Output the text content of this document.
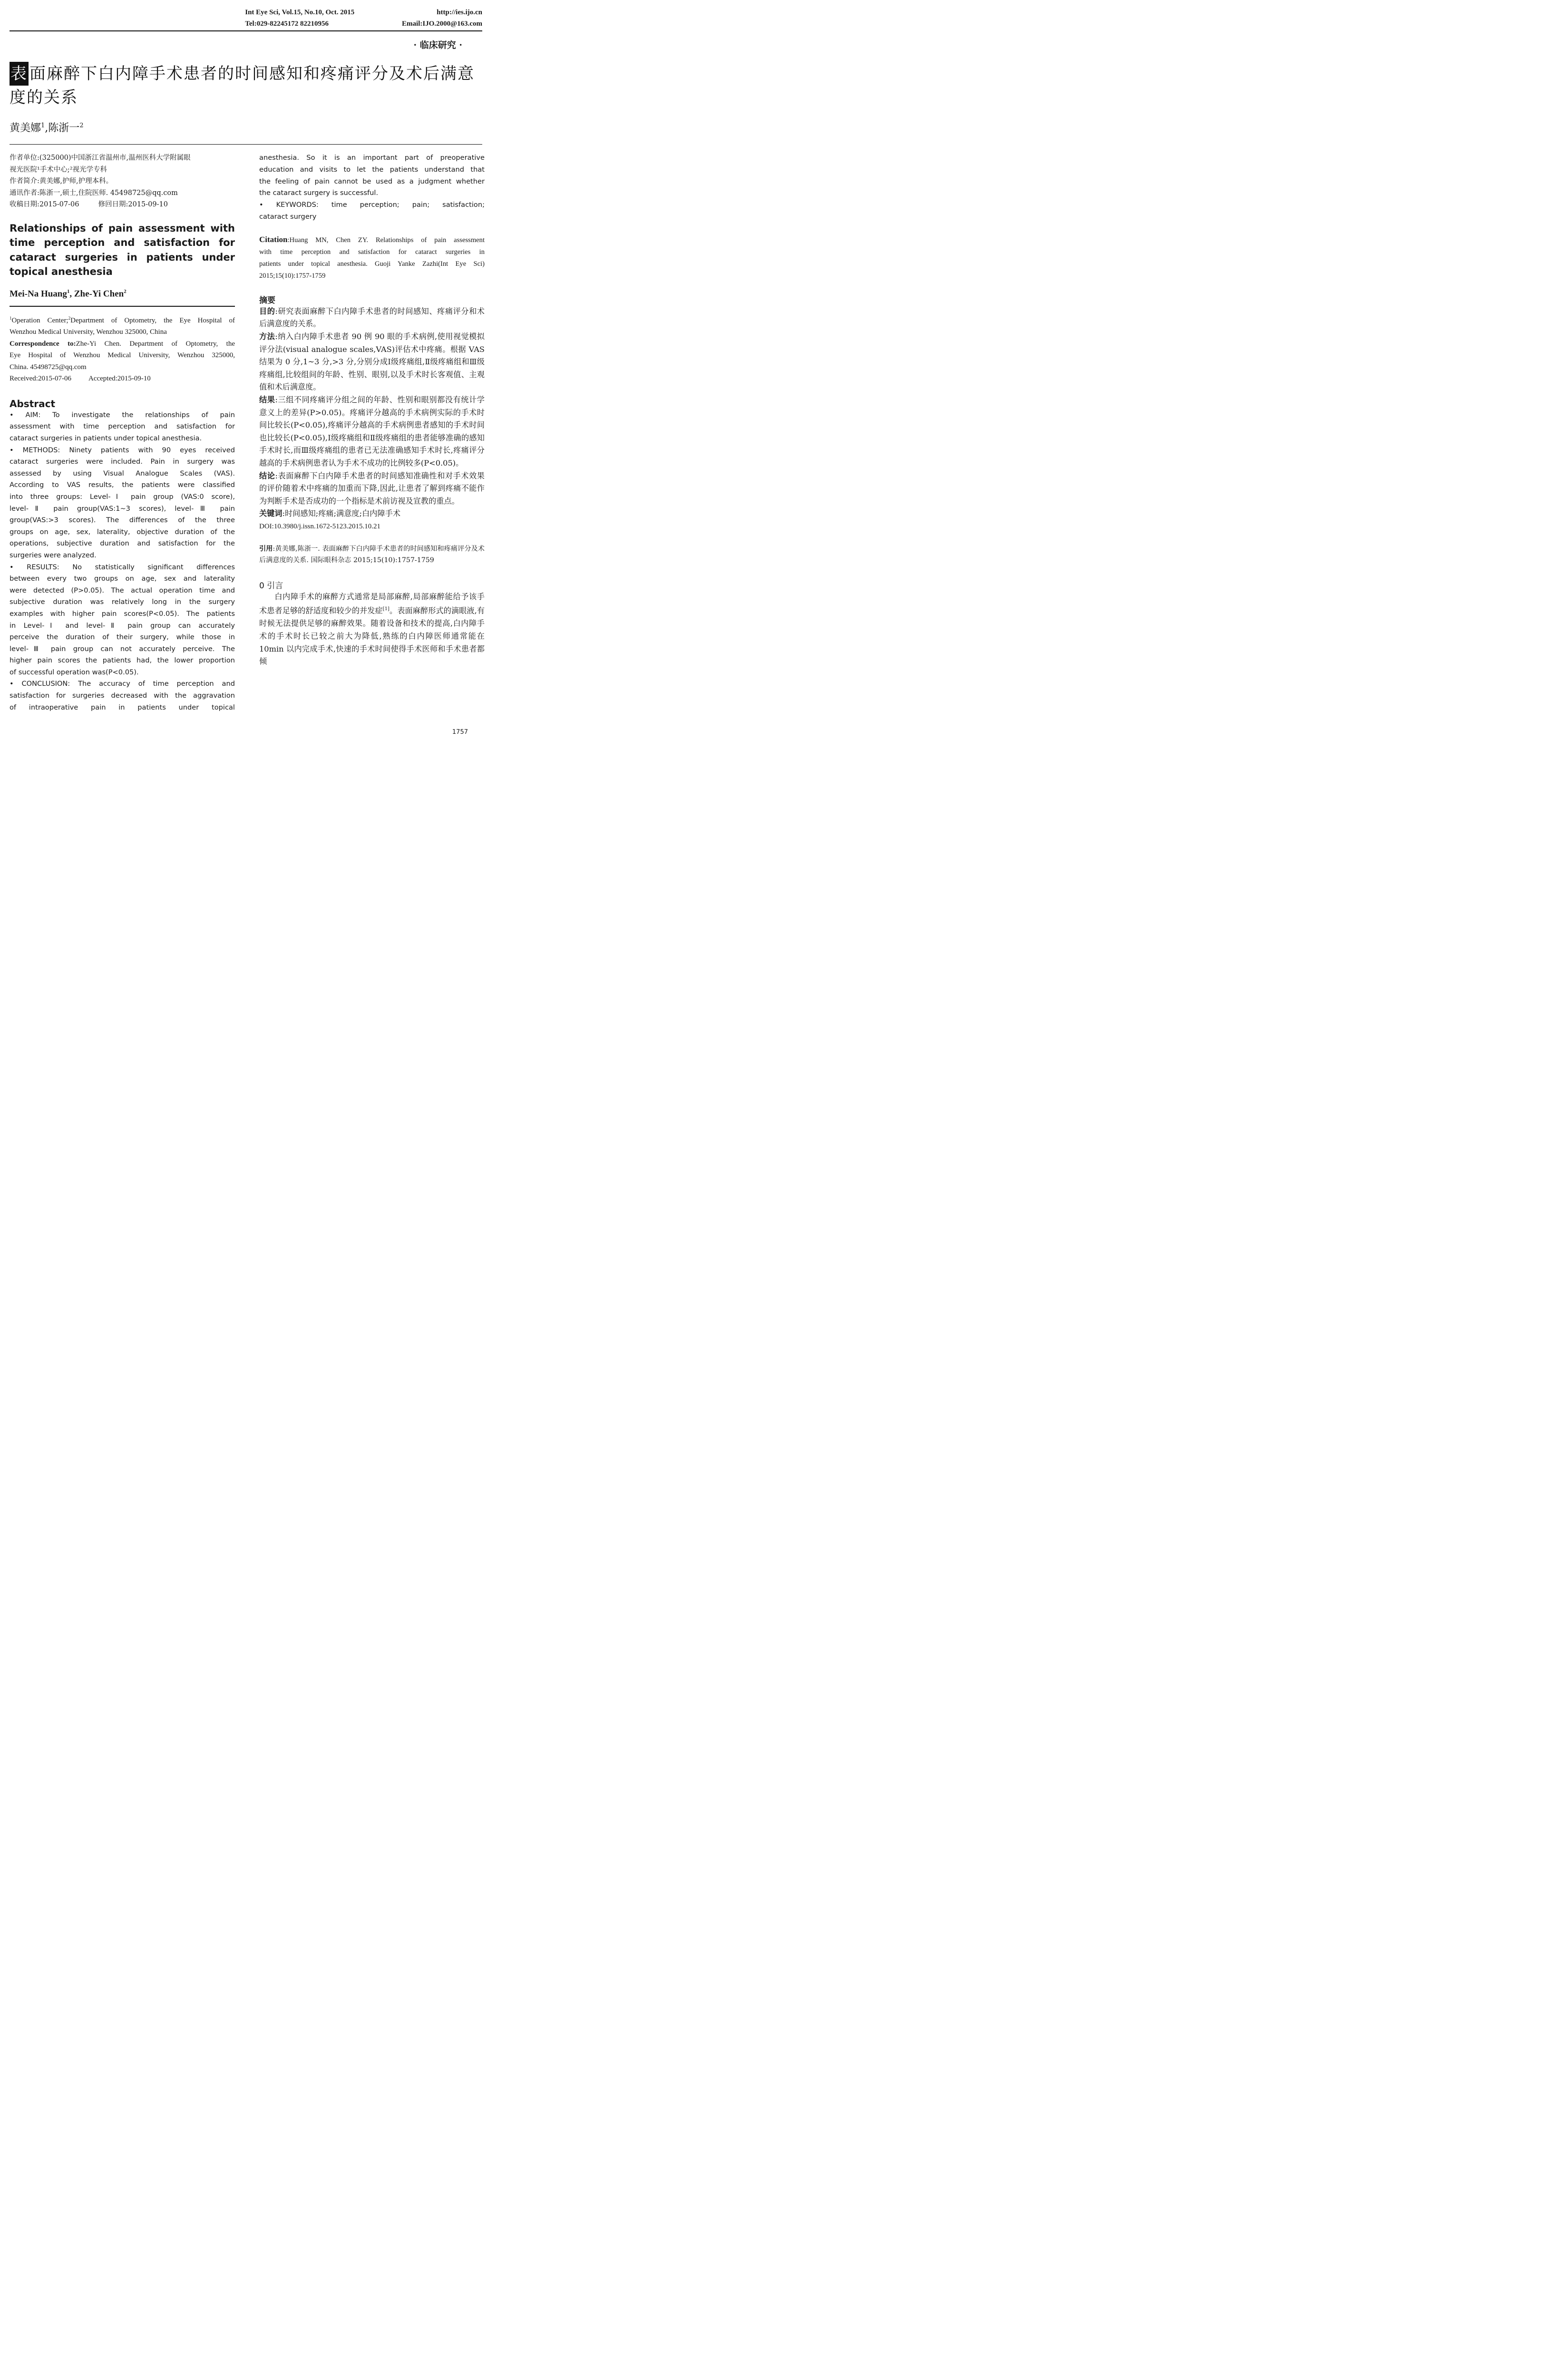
Int Eye Sci, Vol.15, No.10, Oct. 2015	http://ies.ijo.cn
Tel:029-82245172 82210956	Email:IJO.2000@163.com
· 临床研究 ·
表 面麻醉下白内障手术患者的时间感知和疼痛评分及术后满意度的关系
黄美娜$^1$,陈浙一$^2$
作者单位:(325000)中国浙江省温州市,温州医科大学附属眼
视光医院¹手术中心;²视光学专科
作者简介:黄美娜,护师,护理本科。
通讯作者:陈浙一,硕士,住院医师. 45498725@qq.com
收稿日期:2015-07-06	修回日期:2015-09-10
Relationships of pain assessment with
time perception and satisfaction for
cataract surgeries in patients under
topical anesthesia
Mei-Na Huang$^1$, Zhe-Yi Chen$^2$
$^1$Operation Center;$^2$Department of Optometry, the Eye Hospital of
Wenzhou Medical University, Wenzhou 325000, China
Correspondence to:Zhe-Yi Chen. Department of Optometry, the
Eye Hospital of Wenzhou Medical University, Wenzhou 325000,
China. 45498725@qq.com
Received:2015-07-06 Accepted:2015-09-10
Abstract
• AIM: To investigate the relationships of pain
assessment with time perception and satisfaction for
cataract surgeries in patients under topical anesthesia.
• METHODS: Ninety patients with 90 eyes received
cataract surgeries were included. Pain in surgery was
assessed by using Visual Analogue Scales (VAS).
According to VAS results, the patients were classified
into three groups: Level-Ⅰ pain group (VAS:0 score),
level-Ⅱ pain group(VAS:1~3 scores), level-Ⅲ pain
group(VAS:>3 scores). The differences of the three
groups on age, sex, laterality, objective duration of the
operations, subjective duration and satisfaction for the
surgeries were analyzed.
• RESULTS: No statistically significant differences
between every two groups on age, sex and laterality
were detected (P>0.05). The actual operation time and
subjective duration was relatively long in the surgery
examples with higher pain scores(P<0.05). The patients
in Level-Ⅰ and level-Ⅱ pain group can accurately
perceive the duration of their surgery, while those in
level-Ⅲ pain group can not accurately perceive. The
higher pain scores the patients had, the lower proportion
of successful operation was(P<0.05).
• CONCLUSION: The accuracy of time perception and
satisfaction for surgeries decreased with the aggravation
of intraoperative pain in patients under topical
anesthesia. So it is an important part of preoperative
education and visits to let the patients understand that
the feeling of pain cannot be used as a judgment whether
the cataract surgery is successful.
• KEYWORDS: time perception; pain; satisfaction;
cataract surgery
Citation:Huang MN, Chen ZY. Relationships of pain assessment
with time perception and satisfaction for cataract surgeries in
patients under topical anesthesia. Guoji Yanke Zazhi(Int Eye Sci)
2015;15(10):1757-1759
摘要
目的:研究表面麻醉下白内障手术患者的时间感知、疼痛评分和术后满意度的关系。
方法:纳入白内障手术患者 90 例 90 眼的手术病例,使用视觉模拟评分法(visual analogue scales,VAS)评估术中疼痛。根据 VAS 结果为 0 分,1~3 分,>3 分,分别分成Ⅰ级疼痛组,Ⅱ级疼痛组和Ⅲ级疼痛组,比较组间的年龄、性别、眼别,以及手术时长客观值、主观值和术后满意度。
结果:三组不同疼痛评分组之间的年龄、性别和眼别都没有统计学意义上的差异(P>0.05)。疼痛评分越高的手术病例实际的手术时间比较长(P<0.05),疼痛评分越高的手术病例患者感知的手术时间也比较长(P<0.05),Ⅰ级疼痛组和Ⅱ级疼痛组的患者能够准确的感知手术时长,而Ⅲ级疼痛组的患者已无法准确感知手术时长,疼痛评分越高的手术病例患者认为手术不成功的比例较多(P<0.05)。
结论:表面麻醉下白内障手术患者的时间感知准确性和对手术效果的评价随着术中疼痛的加重而下降,因此,让患者了解到疼痛不能作为判断手术是否成功的一个指标是术前访视及宣教的重点。
关键词:时间感知;疼痛;满意度;白内障手术
DOI:10.3980/j.issn.1672-5123.2015.10.21
引用:黄美娜,陈浙一. 表面麻醉下白内障手术患者的时间感知和疼痛评分及术后满意度的关系. 国际眼科杂志 2015;15(10):1757-1759
0 引言
白内障手术的麻醉方式通常是局部麻醉,局部麻醉能给予该手术患者足够的舒适度和较少的并发症[1]。表面麻醉形式的滴眼液,有时候无法提供足够的麻醉效果。随着设备和技术的提高,白内障手术的手术时长已较之前大为降低,熟练的白内障医师通常能在 10min 以内完成手术,快速的手术时间使得手术医师和手术患者都倾
1757
